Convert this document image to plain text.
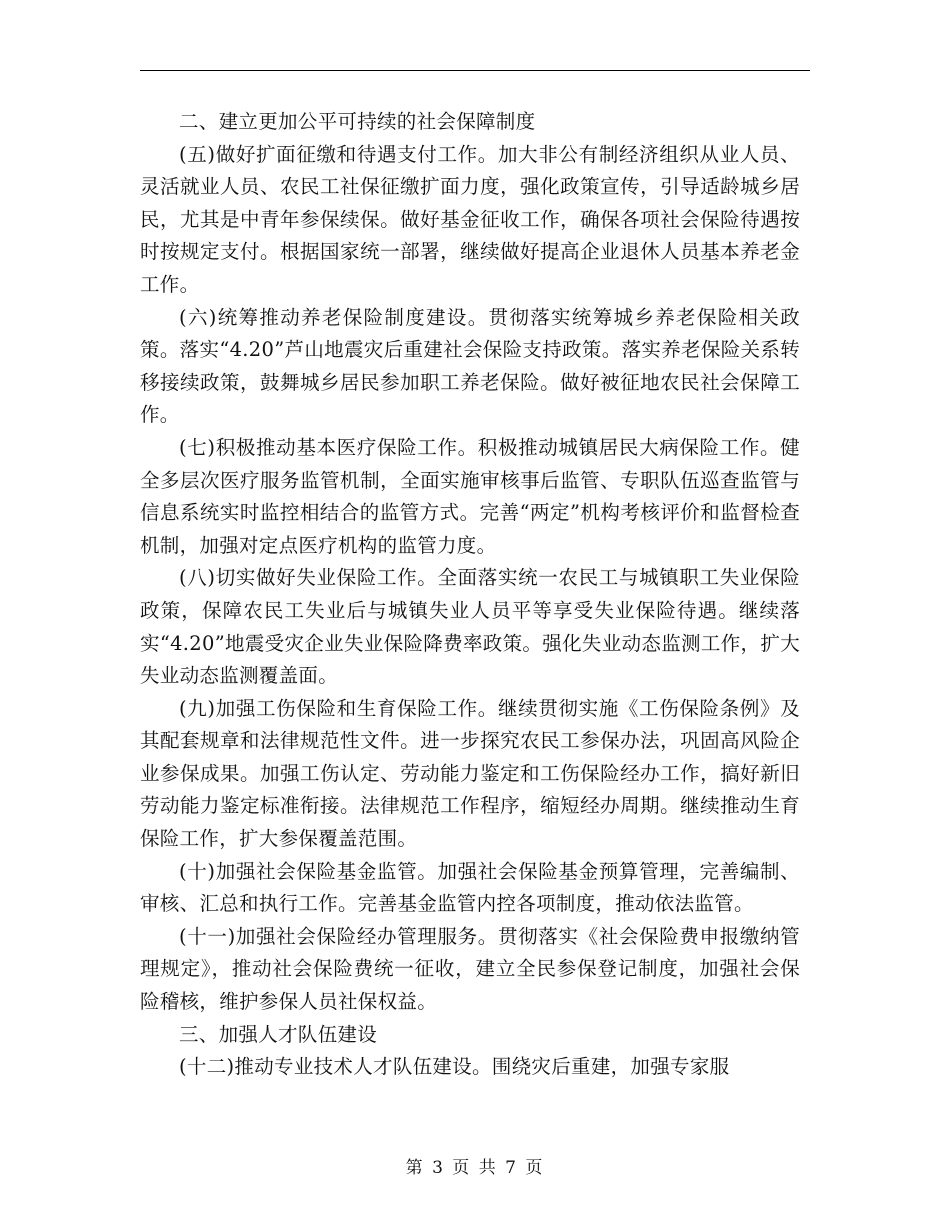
二、建立更加公平可持续的社会保障制度

(五)做好扩面征缴和待遇支付工作。加大非公有制经济组织从业人员、灵活就业人员、农民工社保征缴扩面力度，强化政策宣传，引导适龄城乡居民，尤其是中青年参保续保。做好基金征收工作，确保各项社会保险待遇按时按规定支付。根据国家统一部署，继续做好提高企业退休人员基本养老金工作。

(六)统筹推动养老保险制度建设。贯彻落实统筹城乡养老保险相关政策。落实“4.20”芦山地震灾后重建社会保险支持政策。落实养老保险关系转移接续政策，鼓舞城乡居民参加职工养老保险。做好被征地农民社会保障工作。

(七)积极推动基本医疗保险工作。积极推动城镇居民大病保险工作。健全多层次医疗服务监管机制，全面实施审核事后监管、专职队伍巡查监管与信息系统实时监控相结合的监管方式。完善“两定”机构考核评价和监督检查机制，加强对定点医疗机构的监管力度。

(八)切实做好失业保险工作。全面落实统一农民工与城镇职工失业保险政策，保障农民工失业后与城镇失业人员平等享受失业保险待遇。继续落实“4.20”地震受灾企业失业保险降费率政策。强化失业动态监测工作，扩大失业动态监测覆盖面。

(九)加强工伤保险和生育保险工作。继续贯彻实施《工伤保险条例》及其配套规章和法律规范性文件。进一步探究农民工参保办法，巩固高风险企业参保成果。加强工伤认定、劳动能力鉴定和工伤保险经办工作，搞好新旧劳动能力鉴定标准衔接。法律规范工作程序，缩短经办周期。继续推动生育保险工作，扩大参保覆盖范围。

(十)加强社会保险基金监管。加强社会保险基金预算管理，完善编制、审核、汇总和执行工作。完善基金监管内控各项制度，推动依法监管。

(十一)加强社会保险经办管理服务。贯彻落实《社会保险费申报缴纳管理规定》，推动社会保险费统一征收，建立全民参保登记制度，加强社会保险稽核，维护参保人员社保权益。

三、加强人才队伍建设

(十二)推动专业技术人才队伍建设。围绕灾后重建，加强专家服

第 3 页 共 7 页
